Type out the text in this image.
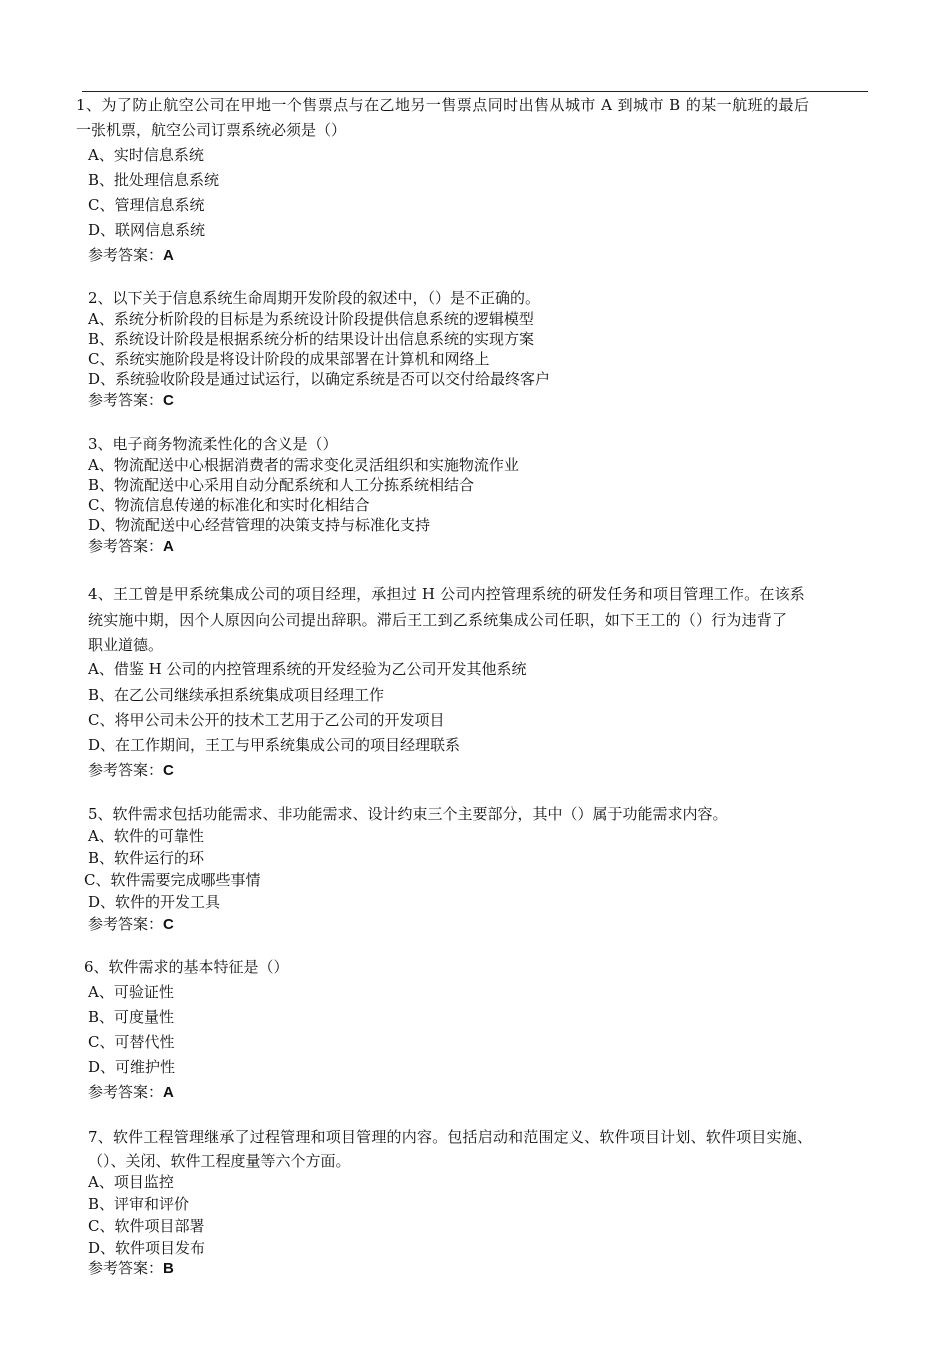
1、为了防止航空公司在甲地一个售票点与在乙地另一售票点同时出售从城市 A 到城市 B 的某一航班的最后
一张机票，航空公司订票系统必须是（）
A、实时信息系统
B、批处理信息系统
C、管理信息系统
D、联网信息系统
参考答案：A
2、以下关于信息系统生命周期开发阶段的叙述中，（）是不正确的。
A、系统分析阶段的目标是为系统设计阶段提供信息系统的逻辑模型
B、系统设计阶段是根据系统分析的结果设计出信息系统的实现方案
C、系统实施阶段是将设计阶段的成果部署在计算机和网络上
D、系统验收阶段是通过试运行，以确定系统是否可以交付给最终客户
参考答案：C
3、电子商务物流柔性化的含义是（）
A、物流配送中心根据消费者的需求变化灵活组织和实施物流作业
B、物流配送中心采用自动分配系统和人工分拣系统相结合
C、物流信息传递的标准化和实时化相结合
D、物流配送中心经营管理的决策支持与标准化支持
参考答案：A
4、王工曾是甲系统集成公司的项目经理，承担过 H 公司内控管理系统的研发任务和项目管理工作。在该系
统实施中期，因个人原因向公司提出辞职。滞后王工到乙系统集成公司任职，如下王工的（）行为违背了
职业道德。
A、借鉴 H 公司的内控管理系统的开发经验为乙公司开发其他系统
B、在乙公司继续承担系统集成项目经理工作
C、将甲公司未公开的技术工艺用于乙公司的开发项目
D、在工作期间，王工与甲系统集成公司的项目经理联系
参考答案：C
5、软件需求包括功能需求、非功能需求、设计约束三个主要部分，其中（）属于功能需求内容。
A、软件的可靠性
B、软件运行的环
C、软件需要完成哪些事情
D、软件的开发工具
参考答案：C
6、软件需求的基本特征是（）
A、可验证性
B、可度量性
C、可替代性
D、可维护性
参考答案：A
7、软件工程管理继承了过程管理和项目管理的内容。包括启动和范围定义、软件项目计划、软件项目实施、
（）、关闭、软件工程度量等六个方面。
A、项目监控
B、评审和评价
C、软件项目部署
D、软件项目发布
参考答案：B
